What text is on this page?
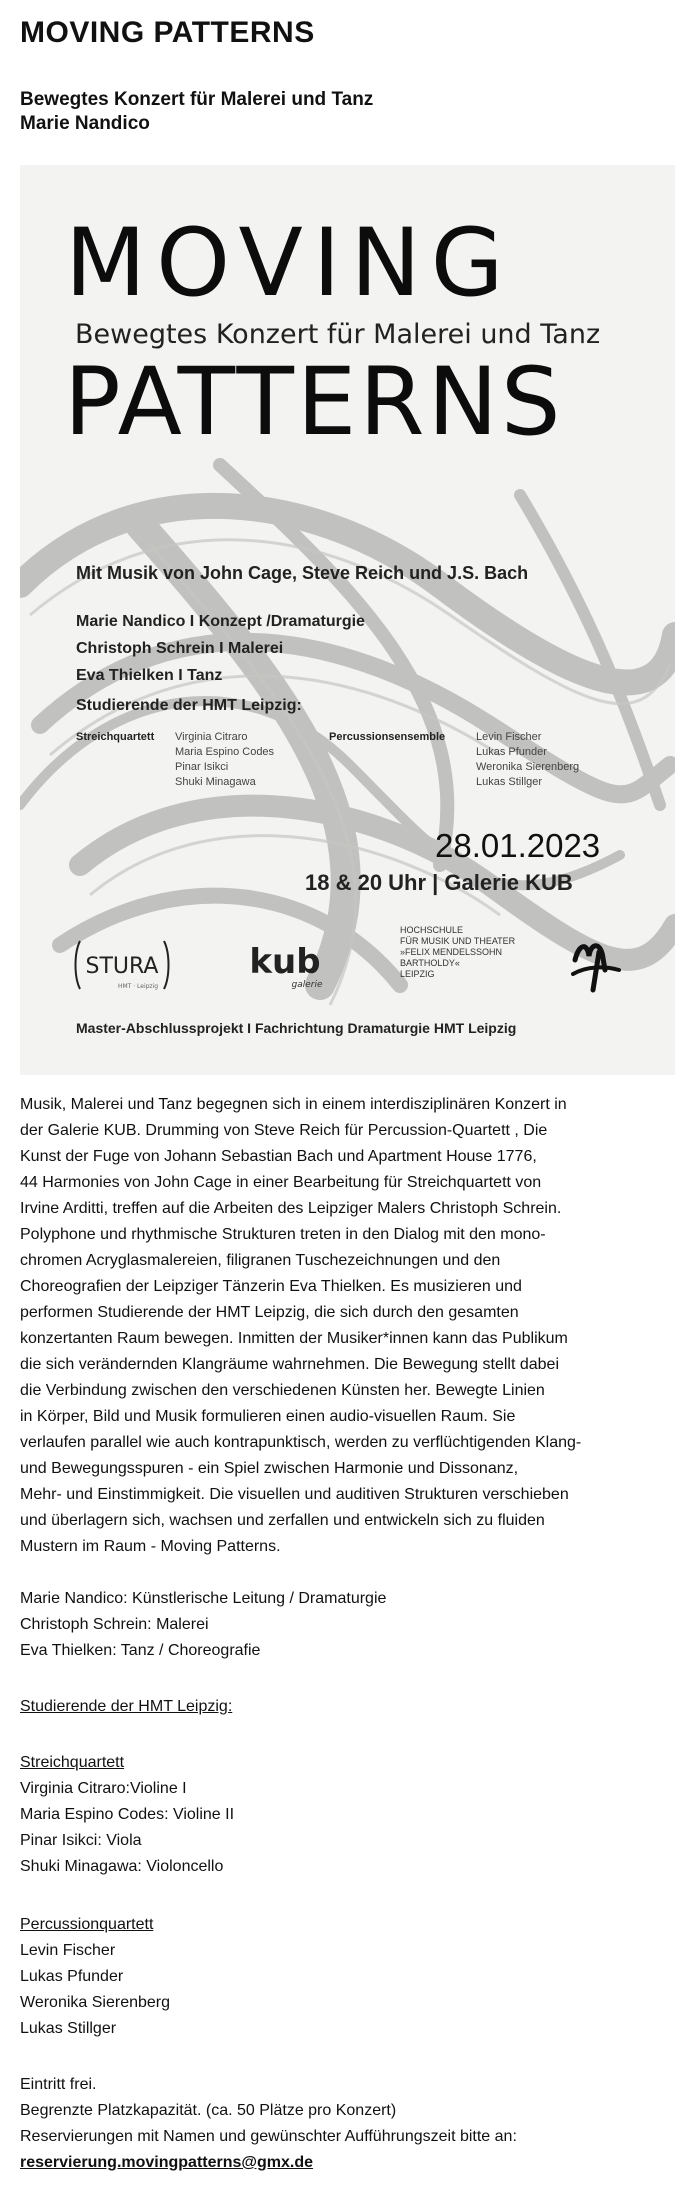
MOVING PATTERNS
Bewegtes Konzert für Malerei und Tanz
Marie Nandico
MOVING
Bewegtes Konzert für Malerei und Tanz
PATTERNS
Mit Musik von John Cage, Steve Reich und J.S. Bach
Marie Nandico I Konzept /Dramaturgie
Christoph Schrein I Malerei
Eva Thielken I Tanz
Studierende der HMT Leipzig:
Streichquartett Virginia Citraro
Maria Espino Codes
Pinar Isikci
Shuki Minagawa
Percussionsensemble	Levin Fischer
Lukas Pfunder
Weronika Sierenberg
Lukas Stillger
28.01.2023
18 & 20 Uhr | Galerie KUB
STURA
HMT · Leipzig
kub
galerie
HOCHSCHULE
FÜR MUSIK UND THEATER
»FELIX MENDELSSOHN
BARTHOLDY«
LEIPZIG
Master-Abschlussprojekt I Fachrichtung Dramaturgie HMT Leipzig

Musik, Malerei und Tanz begegnen sich in einem interdisziplinären Konzert in

der Galerie KUB. Drumming von Steve Reich für Percussion-Quartett , Die

Kunst der Fuge von Johann Sebastian Bach und Apartment House 1776,

44 Harmonies von John Cage in einer Bearbeitung für Streichquartett von

Irvine Arditti, treffen auf die Arbeiten des Leipziger Malers Christoph Schrein.

Polyphone und rhythmische Strukturen treten in den Dialog mit den mono-

chromen Acryglasmalereien, filigranen Tuschezeichnungen und den

Choreografien der Leipziger Tänzerin Eva Thielken. Es musizieren und

performen Studierende der HMT Leipzig, die sich durch den gesamten

konzertanten Raum bewegen. Inmitten der Musiker*innen kann das Publikum

die sich verändernden Klangräume wahrnehmen. Die Bewegung stellt dabei

die Verbindung zwischen den verschiedenen Künsten her. Bewegte Linien

in Körper, Bild und Musik formulieren einen audio-visuellen Raum. Sie

verlaufen parallel wie auch kontrapunktisch, werden zu verflüchtigenden Klang-

und Bewegungsspuren - ein Spiel zwischen Harmonie und Dissonanz,

Mehr- und Einstimmigkeit. Die visuellen und auditiven Strukturen verschieben

und überlagern sich, wachsen und zerfallen und entwickeln sich zu fluiden

Mustern im Raum - Moving Patterns.

Marie Nandico: Künstlerische Leitung / Dramaturgie
Christoph Schrein: Malerei
Eva Thielken: Tanz / Choreografie
Studierende der HMT Leipzig:
Streichquartett
Virginia Citraro:Violine I
Maria Espino Codes: Violine II
Pinar Isikci: Viola
Shuki Minagawa: Violoncello
Percussionquartett
Levin Fischer
Lukas Pfunder
Weronika Sierenberg
Lukas Stillger
Eintritt frei.
Begrenzte Platzkapazität. (ca. 50 Plätze pro Konzert)
Reservierungen mit Namen und gewünschter Aufführungszeit bitte an:
reservierung.movingpatterns@gmx.de
